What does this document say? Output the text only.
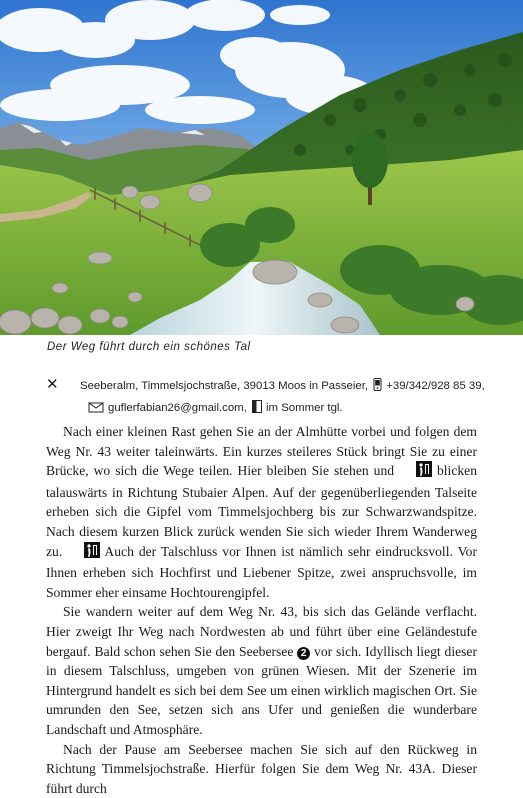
Der Weg führt durch ein schönes Tal
✕ Seeberalm, Timmelsjochstraße, 39013 Moos in Passeier, +39/342/928 85 39,
guflerfabian26@gmail.com, im Sommer tgl.

Nach einer kleinen Rast gehen Sie an der Almhütte vorbei und folgen dem Weg Nr. 43 weiter taleinwärts. Ein kurzes steileres Stück bringt Sie zu einer Brücke, wo sich die Wege teilen. Hier bleiben Sie stehen und  blicken talauswärts in Richtung Stubaier Alpen. Auf der gegenüberliegenden Talseite erheben sich die Gipfel vom Timmelsjochberg bis zur Schwarzwandspitze. Nach diesem kurzen Blick zurück wenden Sie sich wieder Ihrem Wanderweg zu.  Auch der Talschluss vor Ihnen ist nämlich sehr eindrucksvoll. Vor Ihnen erheben sich Hochfirst und Liebener Spitze, zwei anspruchsvolle, im Sommer eher einsame Hochtourengipfel.

Sie wandern weiter auf dem Weg Nr. 43, bis sich das Gelände verflacht. Hier zweigt Ihr Weg nach Nordwesten ab und führt über eine Geländestufe bergauf. Bald schon sehen Sie den Seebersee 2 vor sich. Idyllisch liegt dieser in diesem Talschluss, umgeben von grünen Wiesen. Mit der Szenerie im Hintergrund handelt es sich bei dem See um einen wirklich magischen Ort. Sie umrunden den See, setzen sich ans Ufer und genießen die wunderbare Landschaft und Atmosphäre.

Nach der Pause am Seebersee machen Sie sich auf den Rückweg in Richtung Timmelsjochstraße. Hierfür folgen Sie dem Weg Nr. 43A. Dieser führt durch
